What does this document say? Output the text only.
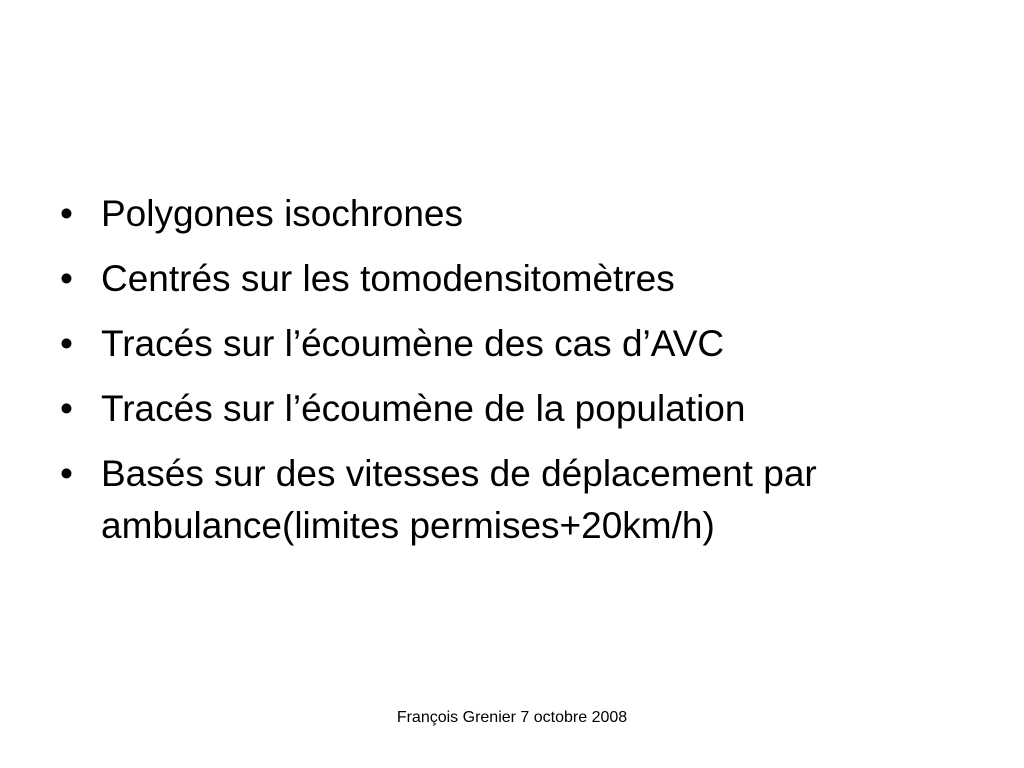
• Polygones isochrones
• Centrés sur les tomodensitomètres
• Tracés sur l’écoumène des cas d’AVC
• Tracés sur l’écoumène de la population
• Basés sur des vitesses de déplacement par ambulance(limites permises+20km/h)
François Grenier 7 octobre 2008
